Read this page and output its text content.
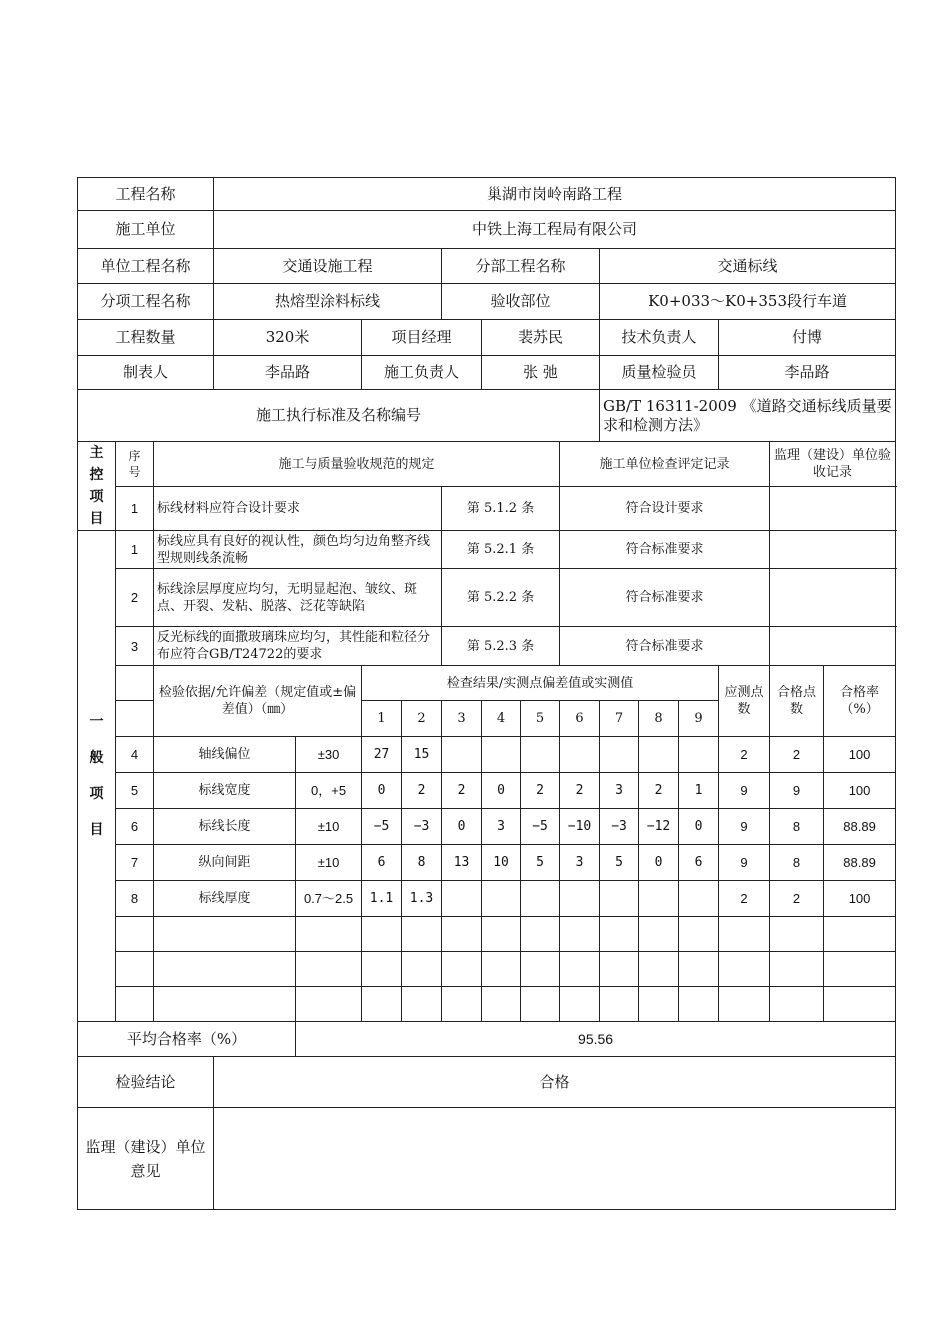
工程名称			巢湖市岗岭南路工程													
施工单位			中铁上海工程局有限公司													
单位工程名称			交通设施工程				分部工程名称				交通标线					
分项工程名称			热熔型涂料标线				验收部位				K0+033～K0+353段行车道					
工程数量			320米		项目经理			裴苏民			技术负责人			付博		
制表人			李品路		施工负责人			张 弛			质量检验员			李品路		
施工执行标准及名称编号											GB/T 16311-2009 《道路交通标线质量要求和检测方法》					
主控项目	序号	施工与质量验收规范的规定								施工单位检查评定记录					监理（建设）单位验收记录	
	1	标线材料应符合设计要求					第 5.1.2 条			符合设计要求						
一般项目	1	标线应具有良好的视认性，颜色均匀边角整齐线型规则线条流畅					第 5.2.1 条			符合标准要求						
	2	标线涂层厚度应均匀，无明显起泡、皱纹、斑点、开裂、发粘、脱落、泛花等缺陷					第 5.2.2 条			符合标准要求						
	3	反光标线的面撒玻璃珠应均匀，其性能和粒径分布应符合GB/T24722的要求					第 5.2.3 条			符合标准要求						
		检验依据/允许偏差（规定值或±偏差值）（㎜）			检查结果/实测点偏差值或实测值									应测点数	合格点数	合格率（%）
					1	2	3	4	5	6	7	8	9			
	4	轴线偏位		±30	27	15								2	2	100
	5	标线宽度		0，+5	0	2	2	0	2	2	3	2	1	9	9	100
	6	标线长度		±10	−5	−3	0	3	−5	−10	−3	−12	0	9	8	88.89
	7	纵向间距		±10	6	8	13	10	5	3	5	0	6	9	8	88.89
	8	标线厚度		0.7～2.5	1.1	1.3								2	2	100

平均合格率（%）				95.56												
检验结论			合格													
监理（建设）单位意见																
